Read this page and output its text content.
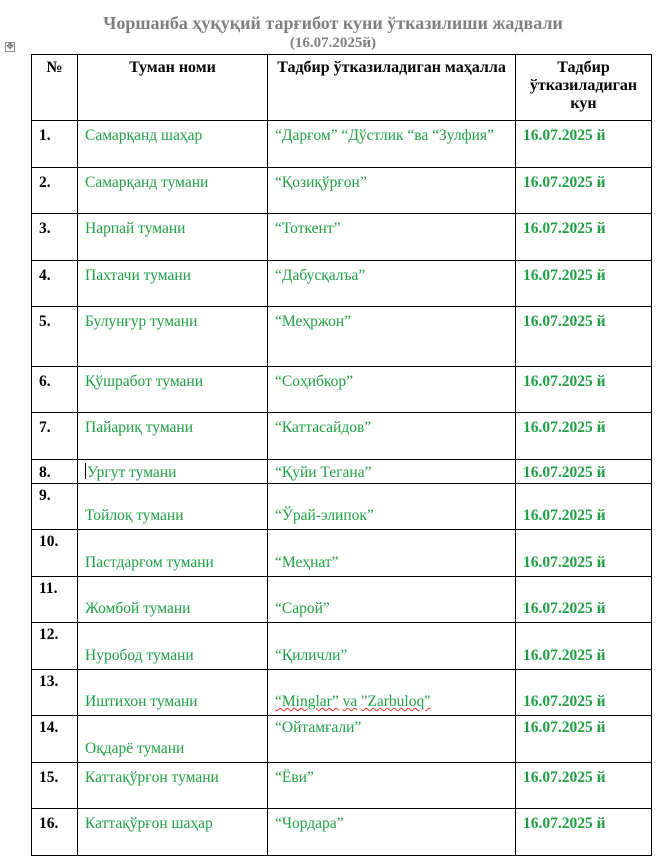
Чоршанба ҳуқуқий тарғибот куни ўтказилиши жадвали

(16.07.2025й)

✥
№	Туман номи	Тадбир ўтказиладиган маҳалла	Тадбир ўтказиладиган кун
1.	Самарқанд шаҳар	“Дарғом” “Дўстлик “ва “Зулфия”	16.07.2025 й
2.	Самарқанд тумани	“Қозиқўрғон”	16.07.2025 й
3.	Нарпай тумани	“Тоткент”	16.07.2025 й
4.	Пахтачи тумани	“Дабусқалъа”	16.07.2025 й
5.	Булунғур тумани	“Меҳржон”	16.07.2025 й
6.	Қўшработ тумани	“Соҳибкор”	16.07.2025 й
7.	Пайариқ тумани	“Каттасайдов”	16.07.2025 й
8.	Ургут тумани	“Қуйи Тегана”	16.07.2025 й
9.	Тойлоқ тумани	“Ўрай-элипок”	16.07.2025 й
10.	Пастдарғом тумани	“Меҳнат”	16.07.2025 й
11.	Жомбой тумани	“Сарой”	16.07.2025 й
12.	Нуробод тумани	“Қиличли”	16.07.2025 й
13.	Иштихон тумани	“Minglar” va "Zarbuloq"	16.07.2025 й
14.	Оқдарё тумани	“Ойтамғали”	16.07.2025 й
15.	Каттақўрғон тумани	“Ёви”	16.07.2025 й
16.	Каттақўрғон шаҳар	“Чордара”	16.07.2025 й
